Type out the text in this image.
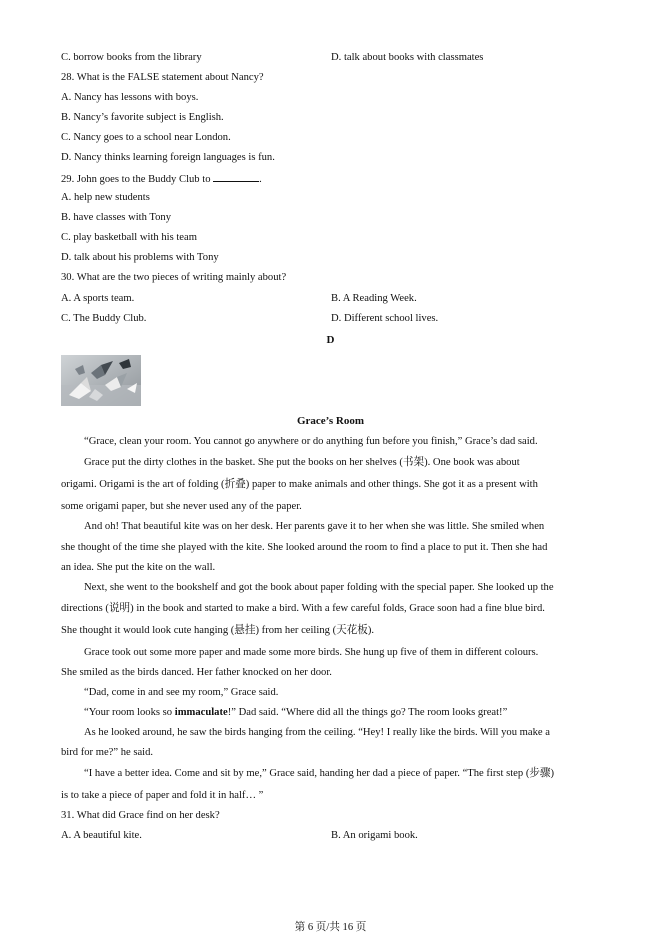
C. borrow books from the library	D. talk about books with classmates
28. What is the FALSE statement about Nancy?
A. Nancy has lessons with boys.
B. Nancy’s favorite subject is English.
C. Nancy goes to a school near London.
D. Nancy thinks learning foreign languages is fun.
29. John goes to the Buddy Club to	.
A. help new students
B. have classes with Tony
C. play basketball with his team
D. talk about his problems with Tony
30. What are the two pieces of writing mainly about?
A. A sports team.	B. A Reading Week.
C. The Buddy Club.	D. Different school lives.
D
Grace’s Room
“Grace, clean your room. You cannot go anywhere or do anything fun before you finish,” Grace’s dad said.
Grace put the dirty clothes in the basket. She put the books on her shelves (书架). One book was about
origami. Origami is the art of folding (折叠) paper to make animals and other things. She got it as a present with
some origami paper, but she never used any of the paper.
And oh! That beautiful kite was on her desk. Her parents gave it to her when she was little. She smiled when
she thought of the time she played with the kite. She looked around the room to find a place to put it. Then she had
an idea. She put the kite on the wall.
Next, she went to the bookshelf and got the book about paper folding with the special paper. She looked up the
directions (说明) in the book and started to make a bird. With a few careful folds, Grace soon had a fine blue bird.
She thought it would look cute hanging (悬挂) from her ceiling (天花板).
Grace took out some more paper and made some more birds. She hung up five of them in different colours.
She smiled as the birds danced. Her father knocked on her door.
“Dad, come in and see my room,” Grace said.
“Your room looks so immaculate!” Dad said. “Where did all the things go? The room looks great!”
As he looked around, he saw the birds hanging from the ceiling. “Hey! I really like the birds. Will you make a
bird for me?” he said.
“I have a better idea. Come and sit by me,” Grace said, handing her dad a piece of paper. “The first step (步骤)
is to take a piece of paper and fold it in half… ”
31. What did Grace find on her desk?
A. A beautiful kite.	B. An origami book.
第 6 页/共 16 页
